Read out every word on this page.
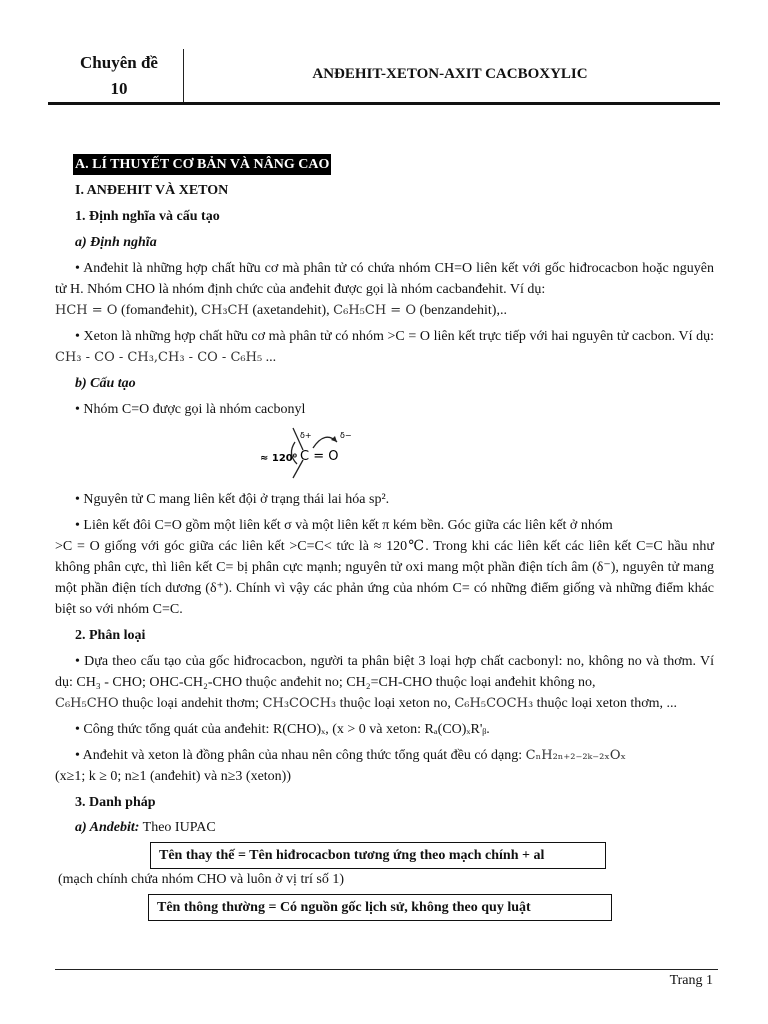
Chuyên đề
10
ANĐEHIT-XETON-AXIT CACBOXYLIC

A. LÍ THUYẾT CƠ BẢN VÀ NÂNG CAO

I. ANĐEHIT VÀ XETON

1. Định nghĩa và cấu tạo

a) Định nghĩa

• Anđehit là những hợp chất hữu cơ mà phân tử có chứa nhóm CH=O liên kết với gốc hiđrocacbon hoặc nguyên tử H. Nhóm CHO là nhóm định chức của anđehit được gọi là nhóm cacbanđehit. Ví dụ:

HCH = O (fomanđehit), CH₃CH (axetandehit), C₆H₅CH = O (benzandehit),..

• Xeton là những hợp chất hữu cơ mà phân tử có nhóm >C = O liên kết trực tiếp với hai nguyên tử cacbon. Ví dụ: CH₃ - CO - CH₃,CH₃ - CO - C₆H₅ ...

b) Cấu tạo

• Nhóm C=O được gọi là nhóm cacbonyl

≈ 120⁰ C = O
δ+	δ−

• Nguyên tử C mang liên kết đội ở trạng thái lai hóa sp².

• Liên kết đôi C=O gồm một liên kết σ và một liên kết π kém bền. Góc giữa các liên kết ở nhóm

>C = O giống với góc giữa các liên kết >C=C< tức là ≈ 120℃. Trong khi các liên kết các liên kết C=C hầu như không phân cực, thì liên kết C= bị phân cực mạnh; nguyên tử oxi mang một phần điện tích âm (δ⁻), nguyên tử mang một phần điện tích dương (δ⁺). Chính vì vậy các phản ứng của nhóm C= có những điểm giống và những điểm khác biệt so với nhóm C=C.

2. Phân loại

• Dựa theo cấu tạo của gốc hiđrocacbon, người ta phân biệt 3 loại hợp chất cacbonyl: no, không no và thơm. Ví dụ: CH₃ - CHO; OHC-CH₂-CHO thuộc anđehit no; CH₂=CH-CHO thuộc loại anđehit không no,

C₆H₅CHO thuộc loại andehit thơm; CH₃COCH₃ thuộc loại xeton no, C₆H₅COCH₃ thuộc loại xeton thơm, ...

• Công thức tổng quát của anđehit: R(CHO)ₓ, (x > 0 và xeton: Rₐ(CO)ₓR'ᵦ.

• Anđehit và xeton là đồng phân của nhau nên công thức tổng quát đều có dạng: CₙH₂ₙ₊₂₋₂ₖ₋₂ₓOₓ

(x≥1; k ≥ 0; n≥1 (anđehit) và n≥3 (xeton))

3. Danh pháp

a) Andebit: Theo IUPAC

Tên thay thế = Tên hiđrocacbon tương ứng theo mạch chính + al

(mạch chính chứa nhóm CHO và luôn ở vị trí số 1)

Tên thông thường = Có nguồn gốc lịch sử, không theo quy luật
Trang 1
